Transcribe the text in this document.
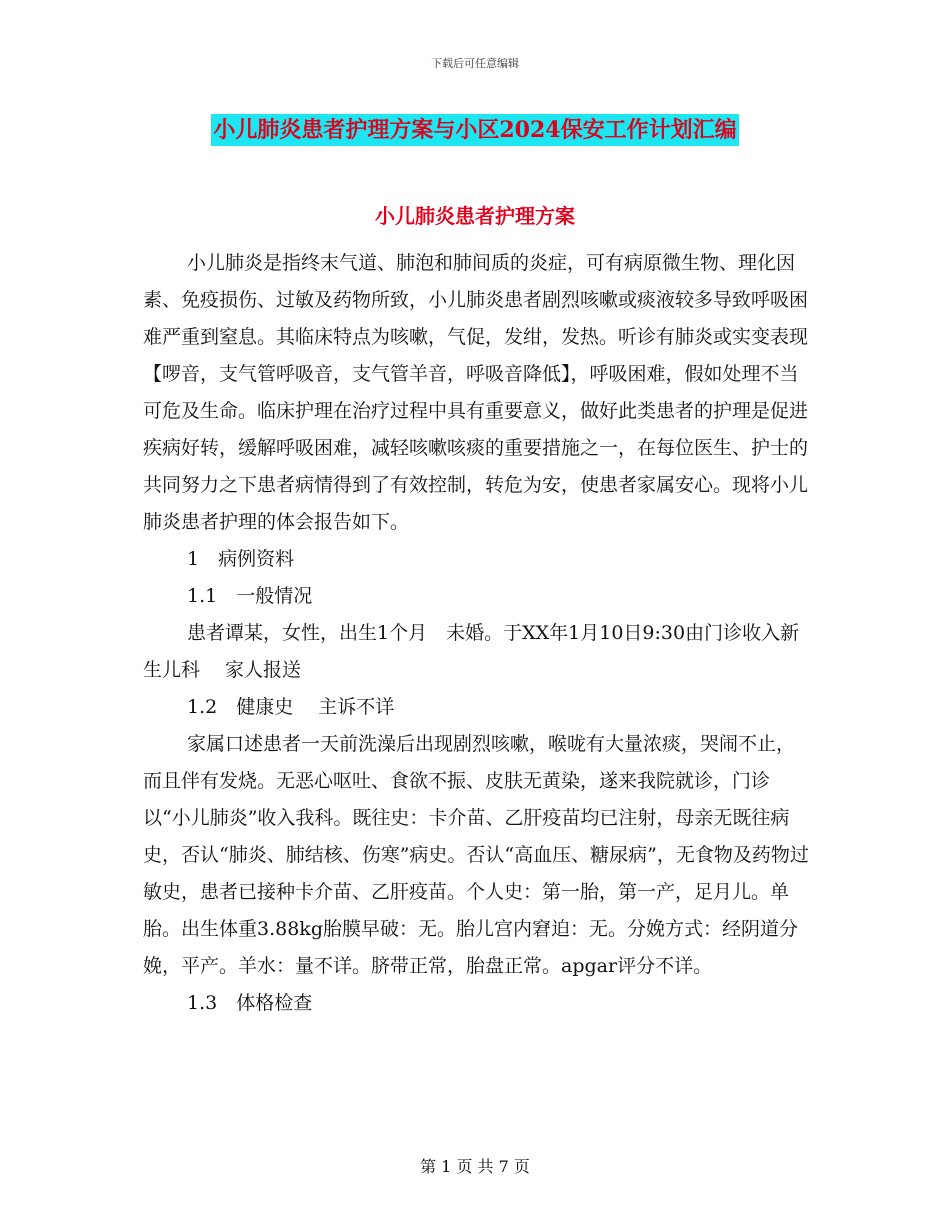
下载后可任意编辑
小儿肺炎患者护理方案与小区2024保安工作计划汇编
小儿肺炎患者护理方案

小儿肺炎是指终末气道、肺泡和肺间质的炎症，可有病原微生物、理化因素、免疫损伤、过敏及药物所致，小儿肺炎患者剧烈咳嗽或痰液较多导致呼吸困难严重到窒息。其临床特点为咳嗽，气促，发绀，发热。听诊有肺炎或实变表现【啰音，支气管呼吸音，支气管羊音，呼吸音降低】，呼吸困难，假如处理不当可危及生命。临床护理在治疗过程中具有重要意义，做好此类患者的护理是促进疾病好转，缓解呼吸困难，减轻咳嗽咳痰的重要措施之一，在每位医生、护士的共同努力之下患者病情得到了有效控制，转危为安，使患者家属安心。现将小儿肺炎患者护理的体会报告如下。

1　病例资料

1.1　一般情况

患者谭某，女性，出生1个月　未婚。于XX年1月10日9:30由门诊收入新生儿科　 家人报送

1.2　健康史　 主诉不详

家属口述患者一天前洗澡后出现剧烈咳嗽，喉咙有大量浓痰，哭闹不止，而且伴有发烧。无恶心呕吐、食欲不振、皮肤无黄染，遂来我院就诊，门诊以“小儿肺炎”收入我科。既往史：卡介苗、乙肝疫苗均已注射，母亲无既往病史，否认“肺炎、肺结核、伤寒”病史。否认“高血压、糖尿病”，无食物及药物过敏史，患者已接种卡介苗、乙肝疫苗。个人史：第一胎，第一产，足月儿。单胎。出生体重3.88kg胎膜早破：无。胎儿宫内窘迫：无。分娩方式：经阴道分娩，平产。羊水：量不详。脐带正常，胎盘正常。apgar评分不详。

1.3　体格检查

第 1 页 共 7 页
